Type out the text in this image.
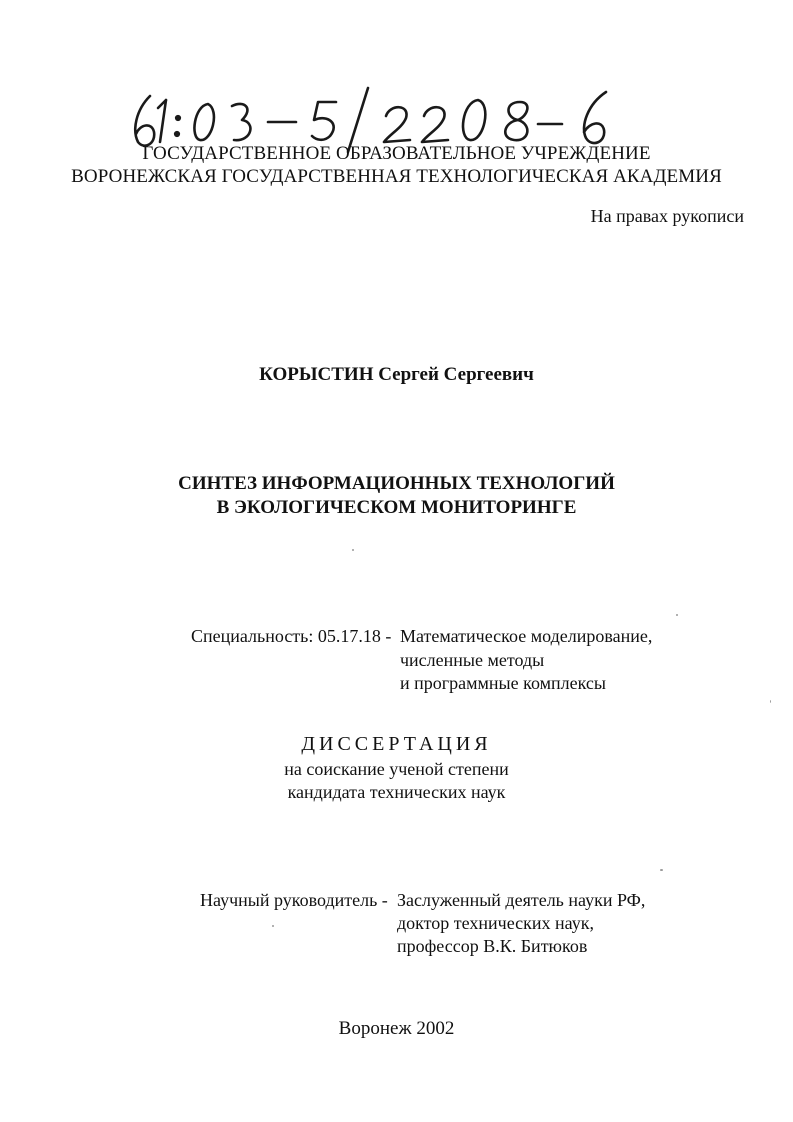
ГОСУДАРСТВЕННОЕ ОБРАЗОВАТЕЛЬНОЕ УЧРЕЖДЕНИЕ
ВОРОНЕЖСКАЯ ГОСУДАРСТВЕННАЯ ТЕХНОЛОГИЧЕСКАЯ АКАДЕМИЯ
На правах рукописи
КОРЫСТИН Сергей Сергеевич
СИНТЕЗ ИНФОРМАЦИОННЫХ ТЕХНОЛОГИЙ
В ЭКОЛОГИЧЕСКОМ МОНИТОРИНГЕ
Специальность: 05.17.18 - Математическое моделирование,
численные методы
и программные комплексы
ДИССЕРТАЦИЯ
на соискание ученой степени
кандидата технических наук
Научный руководитель - Заслуженный деятель науки РФ,
доктор технических наук,
профессор В.К. Битюков
Воронеж 2002
